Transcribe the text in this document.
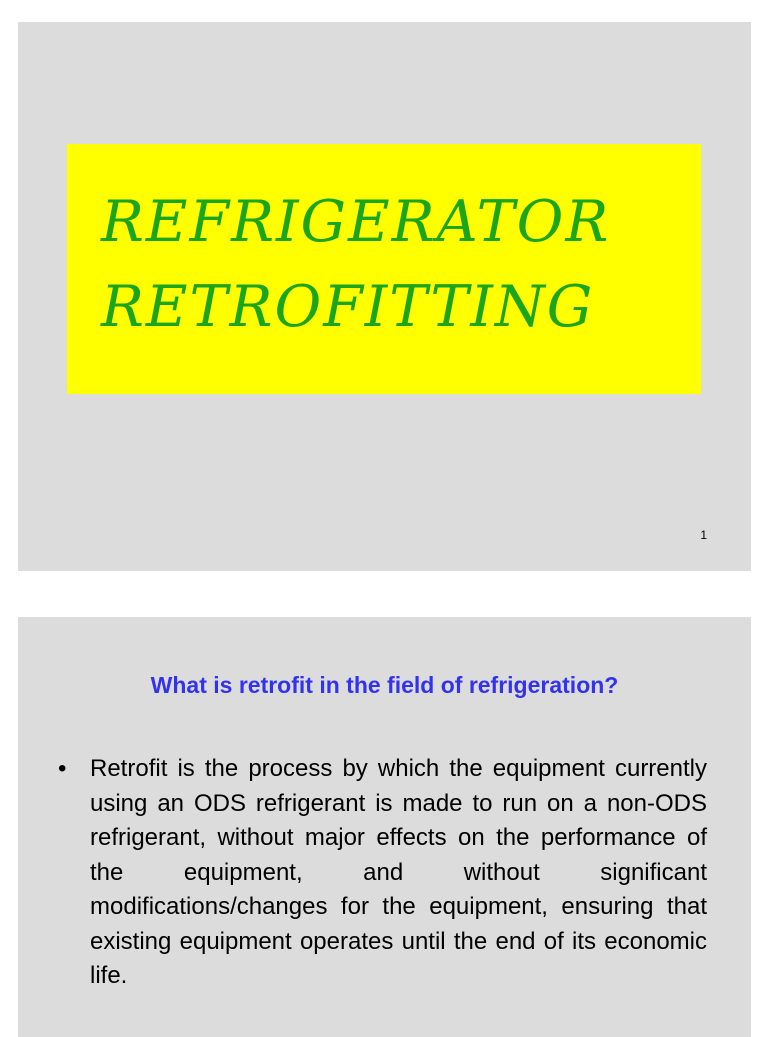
REFRIGERATOR
RETROFITTING
1
What is retrofit in the field of refrigeration?
• Retrofit is the process by which the equipment currently using an ODS refrigerant is made to run on a non-ODS refrigerant, without major effects on the performance of the equipment, and without significant modifications/changes for the equipment, ensuring that existing equipment operates until the end of its economic life.
